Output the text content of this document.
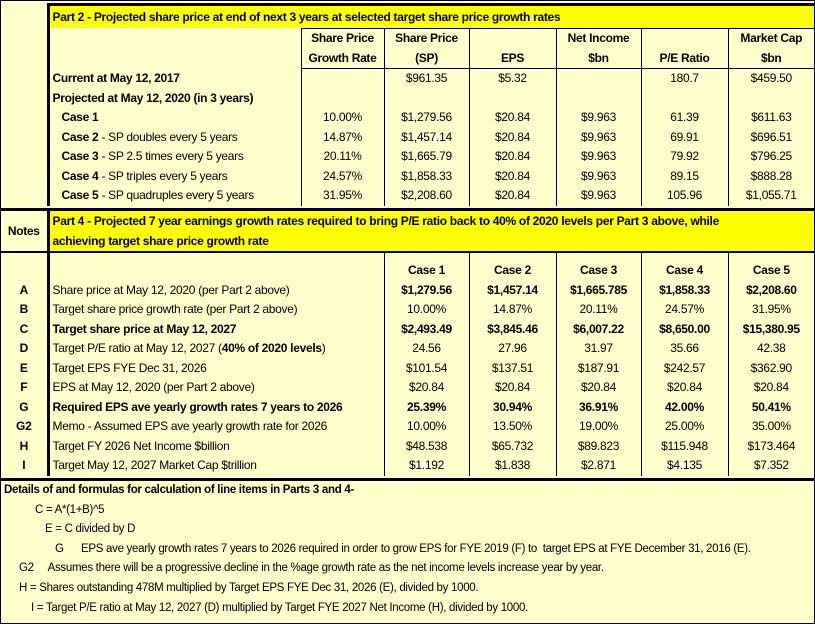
	Part 2 - Projected share price at end of next 3 years at selected target share price growth rates						
		Share Price	Share Price		Net Income		Market Cap
		Growth Rate	(SP)	EPS	$bn	P/E Ratio	$bn
	Current at May 12, 2017		$961.35	$5.32		180.7	$459.50
	Projected at May 12, 2020 (in 3 years)						
	Case 1	10.00%	$1,279.56	$20.84	$9.963	61.39	$611.63
	Case 2 - SP doubles every 5 years	14.87%	$1,457.14	$20.84	$9.963	69.91	$696.51
	Case 3 - SP 2.5 times every 5 years	20.11%	$1,665.79	$20.84	$9.963	79.92	$796.25
	Case 4 - SP triples every 5 years	24.57%	$1,858.33	$20.84	$9.963	89.15	$888.28
	Case 5 - SP quadruples every 5 years	31.95%	$2,208.60	$20.84	$9.963	105.96	$1,055.71
Notes	Part 4 - Projected 7 year earnings growth rates required to bring P/E ratio back to 40% of 2020 levels per Part 3 above, while
achieving target share price growth rate					

		Case 1	Case 2	Case 3	Case 4	Case 5
A	Share price at May 12, 2020 (per Part 2 above)	$1,279.56	$1,457.14	$1,665.785	$1,858.33	$2,208.60
B	Target share price growth rate (per Part 2 above)	10.00%	14.87%	20.11%	24.57%	31.95%
C	Target share price at May 12, 2027	$2,493.49	$3,845.46	$6,007.22	$8,650.00	$15,380.95
D	Target P/E ratio at May 12, 2027 (40% of 2020 levels)	24.56	27.96	31.97	35.66	42.38
E	Target EPS FYE Dec 31, 2026	$101.54	$137.51	$187.91	$242.57	$362.90
F	EPS at May 12, 2020 (per Part 2 above)	$20.84	$20.84	$20.84	$20.84	$20.84
G	Required EPS ave yearly growth rates 7 years to 2026	25.39%	30.94%	36.91%	42.00%	50.41%
G2	Memo - Assumed EPS ave yearly growth rate for 2026	10.00%	13.50%	19.00%	25.00%	35.00%
H	Target FY 2026 Net Income $billion	$48.538	$65.732	$89.823	$115.948	$173.464
I	Target May 12, 2027 Market Cap $trillion	$1.192	$1.838	$2.871	$4.135	$7.352
Details of and formulas for calculation of line items in Parts 3 and 4-
C = A*(1+B)^5
E = C divided by D
G      EPS ave yearly growth rates 7 years to 2026 required in order to grow EPS for FYE 2019 (F) to  target EPS at FYE December 31, 2016 (E).
G2     Assumes there will be a progressive decline in the %age growth rate as the net income levels increase year by year.
H = Shares outstanding 478M multiplied by Target EPS FYE Dec 31, 2026 (E), divided by 1000.
I = Target P/E ratio at May 12, 2027 (D) multiplied by Target FYE 2027 Net Income (H), divided by 1000.
